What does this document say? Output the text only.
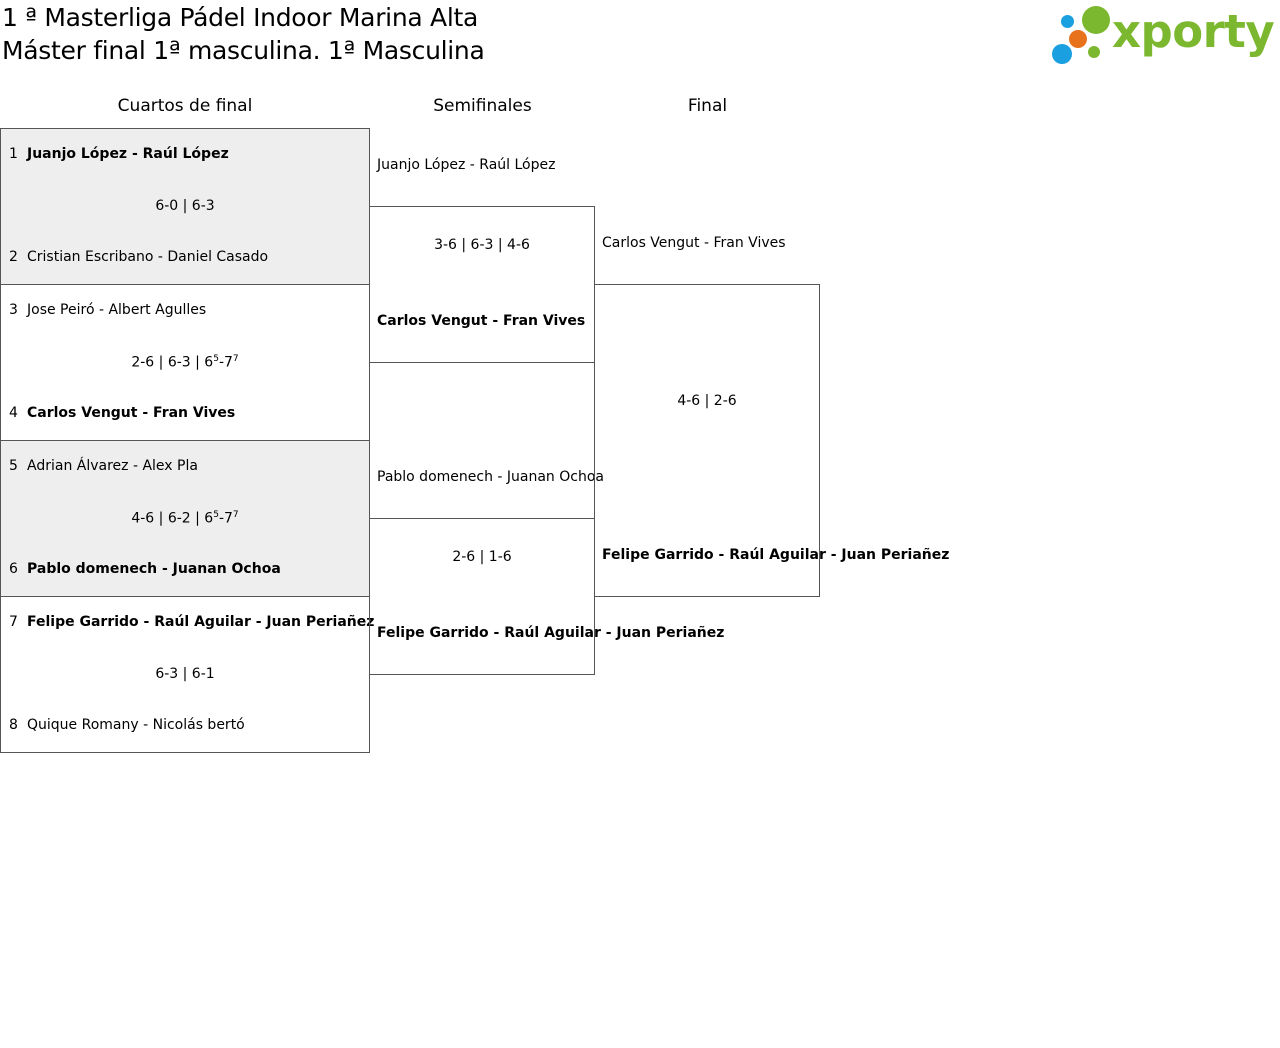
1 ª Masterliga Pádel Indoor Marina Alta
Máster final 1ª masculina. 1ª Masculina	xporty
Cuartos de final	Semifinales	Final
1 Juanjo López - Raúl López
6-0 | 6-3
2 Cristian Escribano - Daniel Casado
3 Jose Peiró - Albert Agulles
2-6 | 6-3 | $6^5-7^7$
4 Carlos Vengut - Fran Vives
5 Adrian Álvarez - Alex Pla
4-6 | 6-2 | $6^5-7^7$
6 Pablo domenech - Juanan Ochoa
7 Felipe Garrido - Raúl Aguilar - Juan Periañez
6-3 | 6-1
8 Quique Romany - Nicolás bertó
Juanjo López - Raúl López
3-6 | 6-3 | 4-6
Carlos Vengut - Fran Vives
Pablo domenech - Juanan Ochoa
2-6 | 1-6
Felipe Garrido - Raúl Aguilar - Juan Periañez
Carlos Vengut - Fran Vives
4-6 | 2-6
Felipe Garrido - Raúl Aguilar - Juan Periañez
